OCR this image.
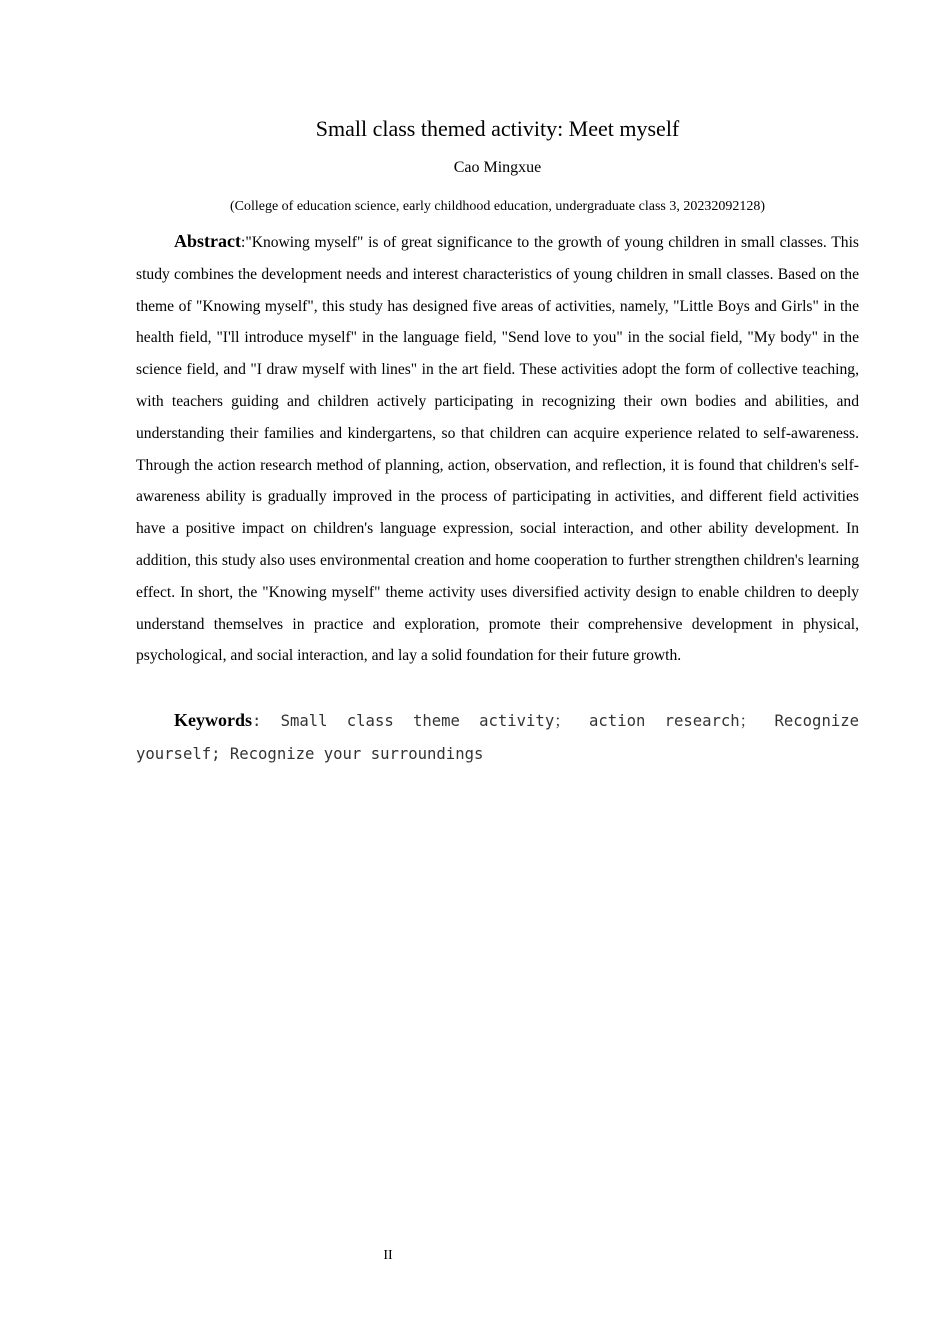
Small class themed activity: Meet myself
Cao Mingxue
(College of education science, early childhood education, undergraduate class 3, 20232092128)

Abstract:"Knowing myself" is of great significance to the growth of young children in small classes. This study combines the development needs and interest characteristics of young children in small classes. Based on the theme of "Knowing myself", this study has designed five areas of activities, namely, "Little Boys and Girls" in the health field, "I'll introduce myself" in the language field, "Send love to you" in the social field, "My body" in the science field, and "I draw myself with lines" in the art field. These activities adopt the form of collective teaching, with teachers guiding and children actively participating in recognizing their own bodies and abilities, and understanding their families and kindergartens, so that children can acquire experience related to self-awareness. Through the action research method of planning, action, observation, and reflection, it is found that children's self-awareness ability is gradually improved in the process of participating in activities, and different field activities have a positive impact on children's language expression, social interaction, and other ability development. In addition, this study also uses environmental creation and home cooperation to further strengthen children's learning effect. In short, the "Knowing myself" theme activity uses diversified activity design to enable children to deeply understand themselves in practice and exploration, promote their comprehensive development in physical, psychological, and social interaction, and lay a solid foundation for their future growth.

Keywords: Small class theme activity； action research； Recognize yourself; Recognize your surroundings

II
